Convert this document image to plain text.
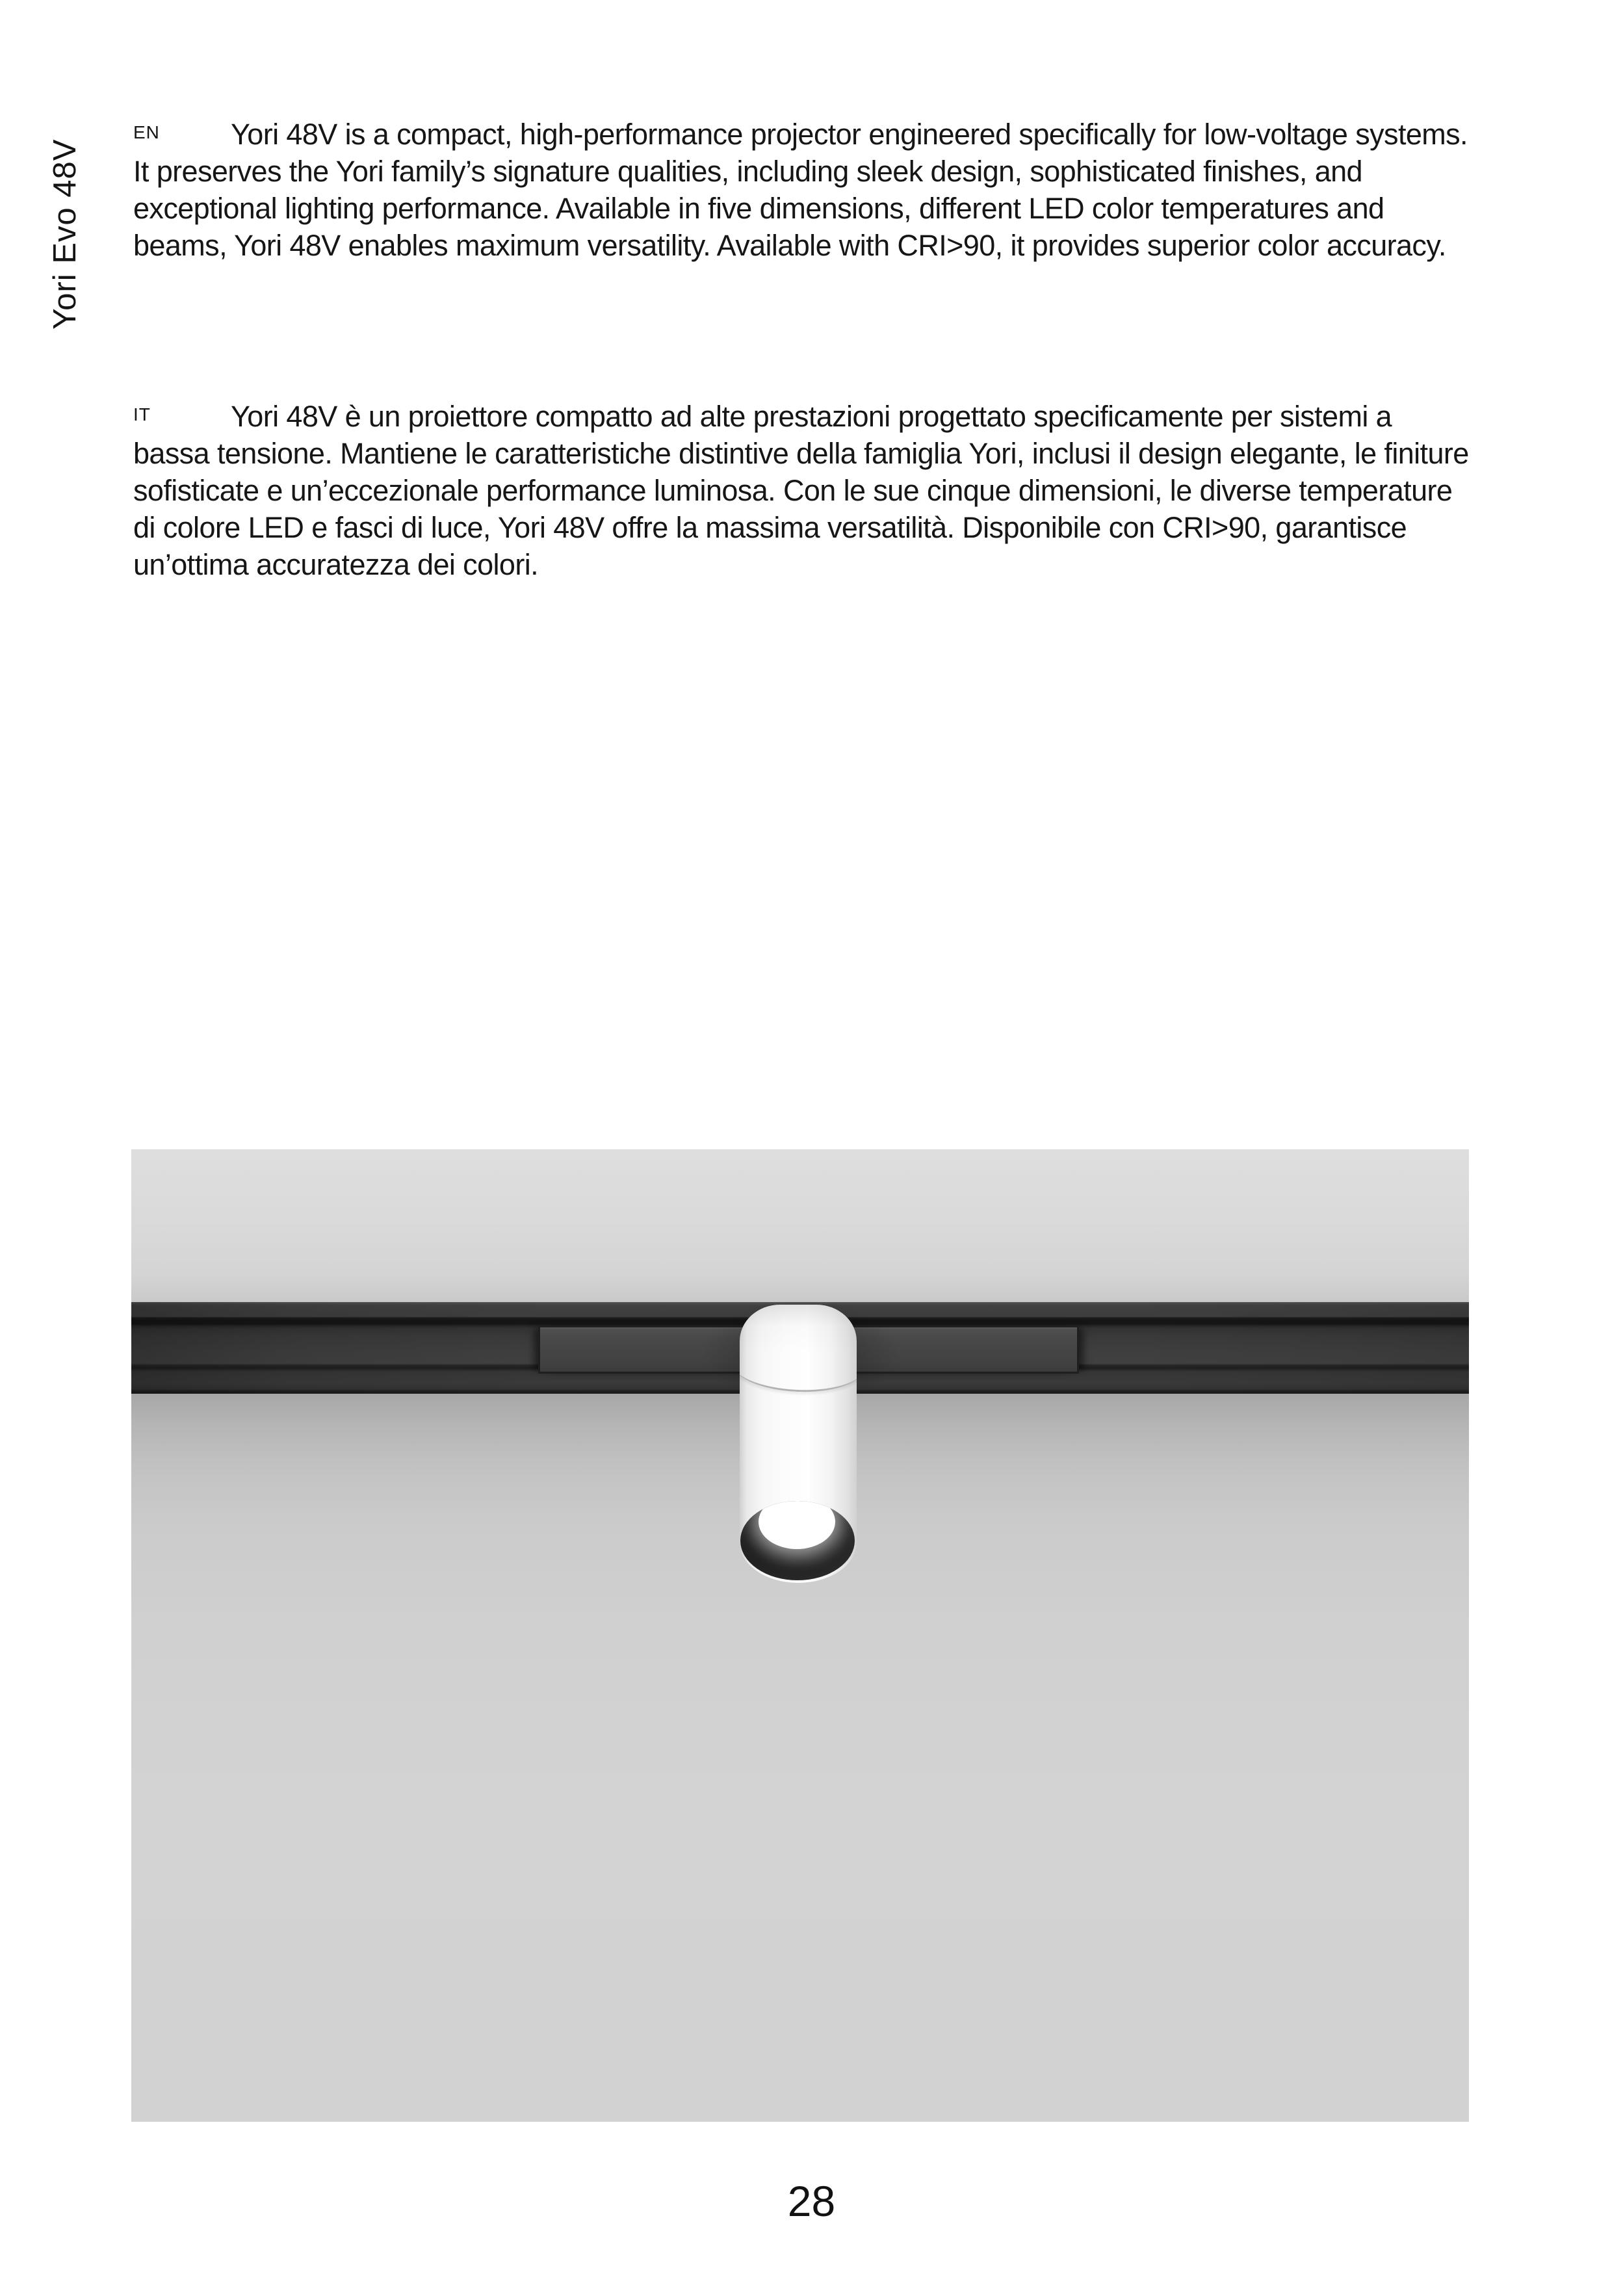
Yori Evo 48V
EN	Yori 48V is a compact, high-performance projector engineered specifically for low-voltage systems. It preserves the Yori family’s signature qualities, including sleek design, sophisticated finishes, and exceptional lighting performance. Available in five dimensions, different LED color temperatures and beams, Yori 48V enables maximum versatility. Available with CRI>90, it provides superior color accuracy.

IT	Yori 48V è un proiettore compatto ad alte prestazioni progettato specificamente per sistemi a bassa tensione. Mantiene le caratteristiche distintive della famiglia Yori, inclusi il design elegante, le finiture sofisticate e un’eccezionale performance luminosa. Con le sue cinque dimensioni, le diverse temperature di colore LED e fasci di luce, Yori 48V offre la massima versatilità. Disponibile con CRI>90, garantisce un’ottima accuratezza dei colori.

28
